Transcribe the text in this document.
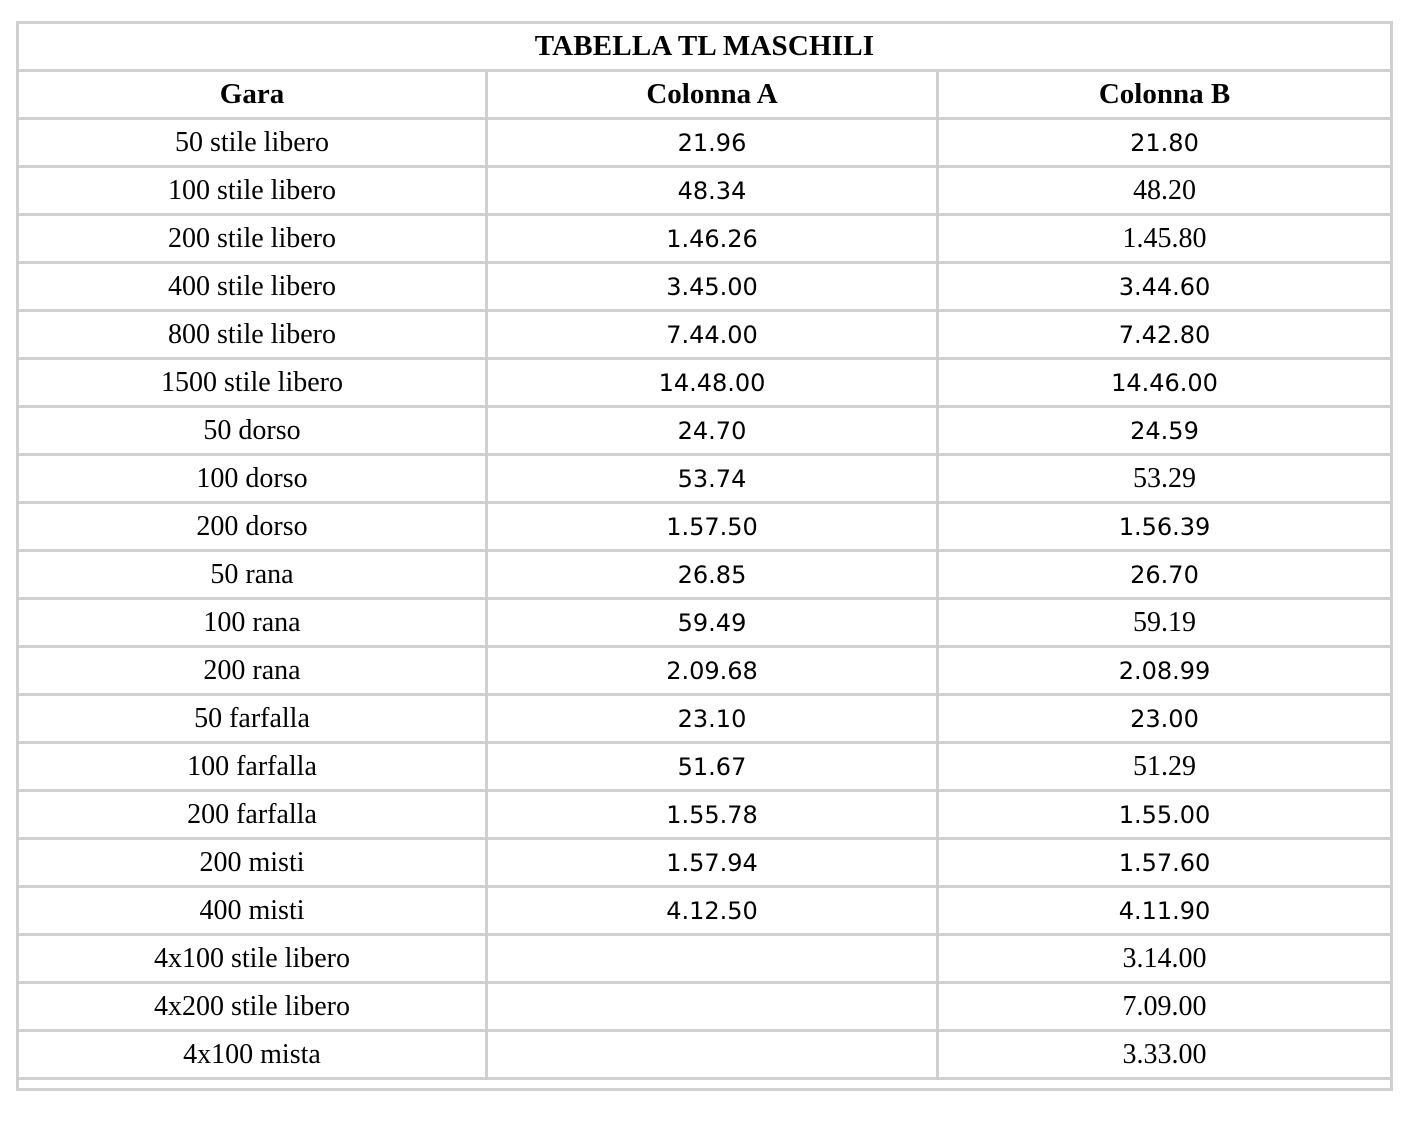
TABELLA TL MASCHILI		
Gara	Colonna A	Colonna B
50 stile libero	21.96	21.80
100 stile libero	48.34	48.20
200 stile libero	1.46.26	1.45.80
400 stile libero	3.45.00	3.44.60
800 stile libero	7.44.00	7.42.80
1500 stile libero	14.48.00	14.46.00
50 dorso	24.70	24.59
100 dorso	53.74	53.29
200 dorso	1.57.50	1.56.39
50 rana	26.85	26.70
100 rana	59.49	59.19
200 rana	2.09.68	2.08.99
50 farfalla	23.10	23.00
100 farfalla	51.67	51.29
200 farfalla	1.55.78	1.55.00
200 misti	1.57.94	1.57.60
400 misti	4.12.50	4.11.90
4x100 stile libero		3.14.00
4x200 stile libero		7.09.00
4x100 mista		3.33.00
